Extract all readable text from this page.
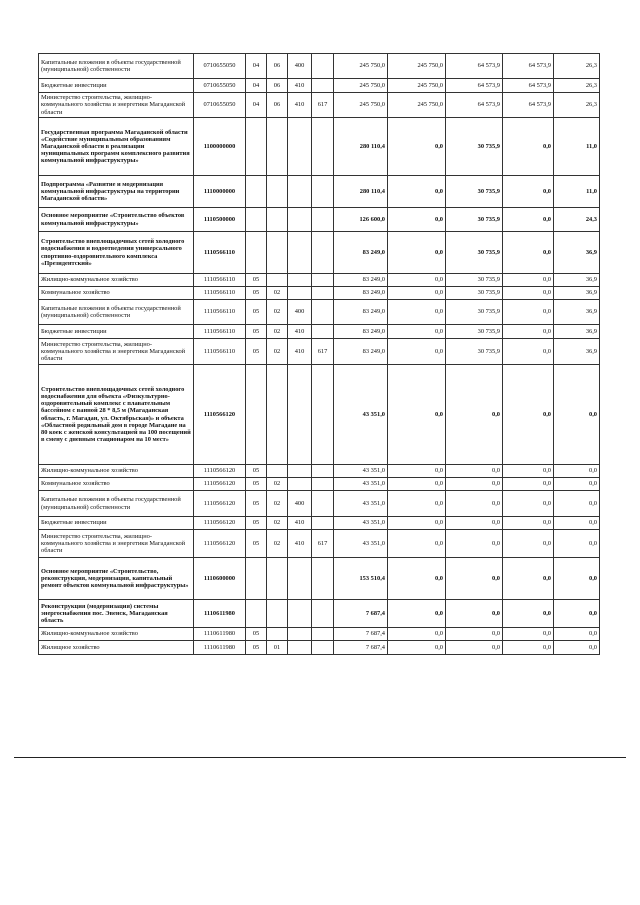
Капитальные вложения в объекты государственной (муниципальной) собственности	0710655050	04	06	400		245 750,0	245 750,0	64 573,9	64 573,9	26,3
Бюджетные инвестиции	0710655050	04	06	410		245 750,0	245 750,0	64 573,9	64 573,9	26,3
Министерство строительства, жилищно-коммунального хозяйства и энергетики Магаданской области	0710655050	04	06	410	617	245 750,0	245 750,0	64 573,9	64 573,9	26,3
Государственная программа Магаданской области «Содействие муниципальным образованиям Магаданской области в реализации муниципальных программ комплексного развития коммунальной инфраструктуры»	1100000000					280 110,4	0,0	30 735,9	0,0	11,0
Подпрограмма «Развитие и модернизация коммунальной инфраструктуры на территории Магаданской области»	1110000000					280 110,4	0,0	30 735,9	0,0	11,0
Основное мероприятие «Строительство объектов коммунальной инфраструктуры»	1110500000					126 600,0	0,0	30 735,9	0,0	24,3
Строительство внеплощадочных сетей холодного водоснабжения и водоотведения универсального спортивно-оздоровительного комплекса «Президентский»	1110566110					83 249,0	0,0	30 735,9	0,0	36,9
Жилищно-коммунальное хозяйство	1110566110	05				83 249,0	0,0	30 735,9	0,0	36,9
Коммунальное хозяйство	1110566110	05	02			83 249,0	0,0	30 735,9	0,0	36,9
Капитальные вложения в объекты государственной (муниципальной) собственности	1110566110	05	02	400		83 249,0	0,0	30 735,9	0,0	36,9
Бюджетные инвестиции	1110566110	05	02	410		83 249,0	0,0	30 735,9	0,0	36,9
Министерство строительства, жилищно-коммунального хозяйства и энергетики Магаданской области	1110566110	05	02	410	617	83 249,0	0,0	30 735,9	0,0	36,9
Строительство внеплощадочных сетей холодного водоснабжения для объекта «Физкультурно-оздоровительный комплекс с плавательным бассейном с ванной 28 * 8,5 м (Магаданская область, г. Магадан, ул. Октябрьская)» и объекта «Областной родильный дом в городе Магадане на 80 коек с женской консультацией на 100 посещений в смену с дневным стационаром на 10 мест»	1110566120					43 351,0	0,0	0,0	0,0	0,0
Жилищно-коммунальное хозяйство	1110566120	05				43 351,0	0,0	0,0	0,0	0,0
Коммунальное хозяйство	1110566120	05	02			43 351,0	0,0	0,0	0,0	0,0
Капитальные вложения в объекты государственной (муниципальной) собственности	1110566120	05	02	400		43 351,0	0,0	0,0	0,0	0,0
Бюджетные инвестиции	1110566120	05	02	410		43 351,0	0,0	0,0	0,0	0,0
Министерство строительства, жилищно-коммунального хозяйства и энергетики Магаданской области	1110566120	05	02	410	617	43 351,0	0,0	0,0	0,0	0,0
Основное мероприятие «Строительство, реконструкция, модернизация, капитальный ремонт объектов коммунальной инфраструктуры»	1110600000					153 510,4	0,0	0,0	0,0	0,0
Реконструкция (модернизация) системы энергоснабжения пос. Эвенск, Магаданская область	1110611980					7 687,4	0,0	0,0	0,0	0,0
Жилищно-коммунальное хозяйство	1110611980	05				7 687,4	0,0	0,0	0,0	0,0
Жилищное хозяйство	1110611980	05	01			7 687,4	0,0	0,0	0,0	0,0
